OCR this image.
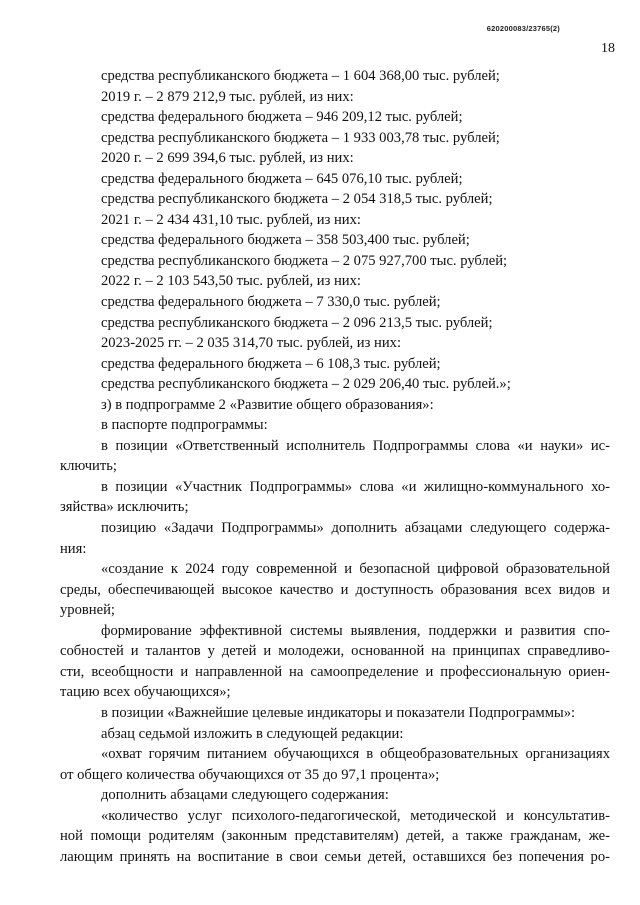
620200083/23765(2)
18
средства республиканского бюджета – 1 604 368,00 тыс. рублей;
2019 г. – 2 879 212,9 тыс. рублей, из них:
средства федерального бюджета – 946 209,12 тыс. рублей;
средства республиканского бюджета – 1 933 003,78 тыс. рублей;
2020 г. – 2 699 394,6 тыс. рублей, из них:
средства федерального бюджета – 645 076,10 тыс. рублей;
средства республиканского бюджета – 2 054 318,5 тыс. рублей;
2021 г. – 2 434 431,10 тыс. рублей, из них:
средства федерального бюджета – 358 503,400 тыс. рублей;
средства республиканского бюджета – 2 075 927,700 тыс. рублей;
2022 г. – 2 103 543,50 тыс. рублей, из них:
средства федерального бюджета – 7 330,0 тыс. рублей;
средства республиканского бюджета – 2 096 213,5 тыс. рублей;
2023-2025 гг. – 2 035 314,70 тыс. рублей, из них:
средства федерального бюджета – 6 108,3 тыс. рублей;
средства республиканского бюджета – 2 029 206,40 тыс. рублей.»;
з) в подпрограмме 2 «Развитие общего образования»:
в паспорте подпрограммы:
в позиции «Ответственный исполнитель Подпрограммы слова «и науки» ис-
ключить;
в позиции «Участник Подпрограммы» слова «и жилищно-коммунального хо-
зяйства» исключить;
позицию «Задачи Подпрограммы» дополнить абзацами следующего содержа-
ния:
«создание к 2024 году современной и безопасной цифровой образовательной
среды, обеспечивающей высокое качество и доступность образования всех видов и
уровней;
формирование эффективной системы выявления, поддержки и развития спо-
собностей и талантов у детей и молодежи, основанной на принципах справедливо-
сти, всеобщности и направленной на самоопределение и профессиональную ориен-
тацию всех обучающихся»;
в позиции «Важнейшие целевые индикаторы и показатели Подпрограммы»:
абзац седьмой изложить в следующей редакции:
«охват горячим питанием обучающихся в общеобразовательных организациях
от общего количества обучающихся от 35 до 97,1 процента»;
дополнить абзацами следующего содержания:
«количество услуг психолого-педагогической, методической и консультатив-
ной помощи родителям (законным представителям) детей, а также гражданам, же-
лающим принять на воспитание в свои семьи детей, оставшихся без попечения ро-
